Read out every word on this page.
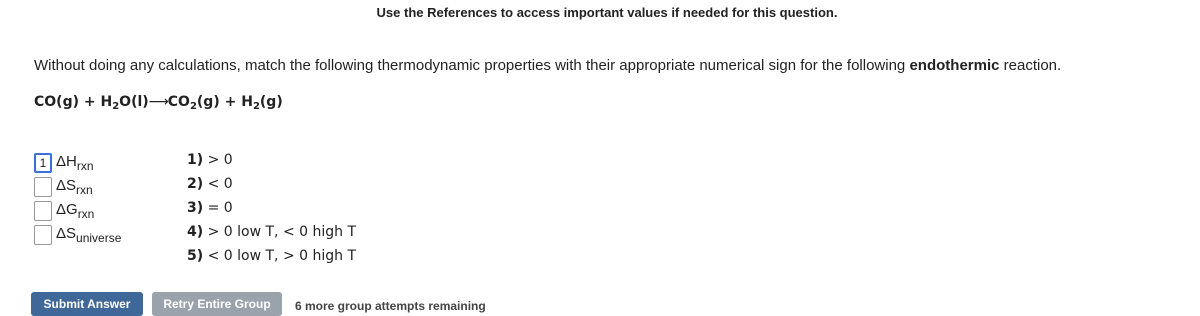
Use the References to access important values if needed for this question.
Without doing any calculations, match the following thermodynamic properties with their appropriate numerical sign for the following endothermic reaction.
$CO(g) + H_2O(l)⟶CO_2(g) + H_2(g)$
1 $\Delta H_{rxn}$
$\Delta S_{rxn}$
$\Delta G_{rxn}$
$\Delta S_{universe}$
1) > 0
2) < 0
3) = 0
4) > 0 low T, < 0 high T
5) < 0 low T, > 0 high T
Submit Answer	Retry Entire Group	6 more group attempts remaining
